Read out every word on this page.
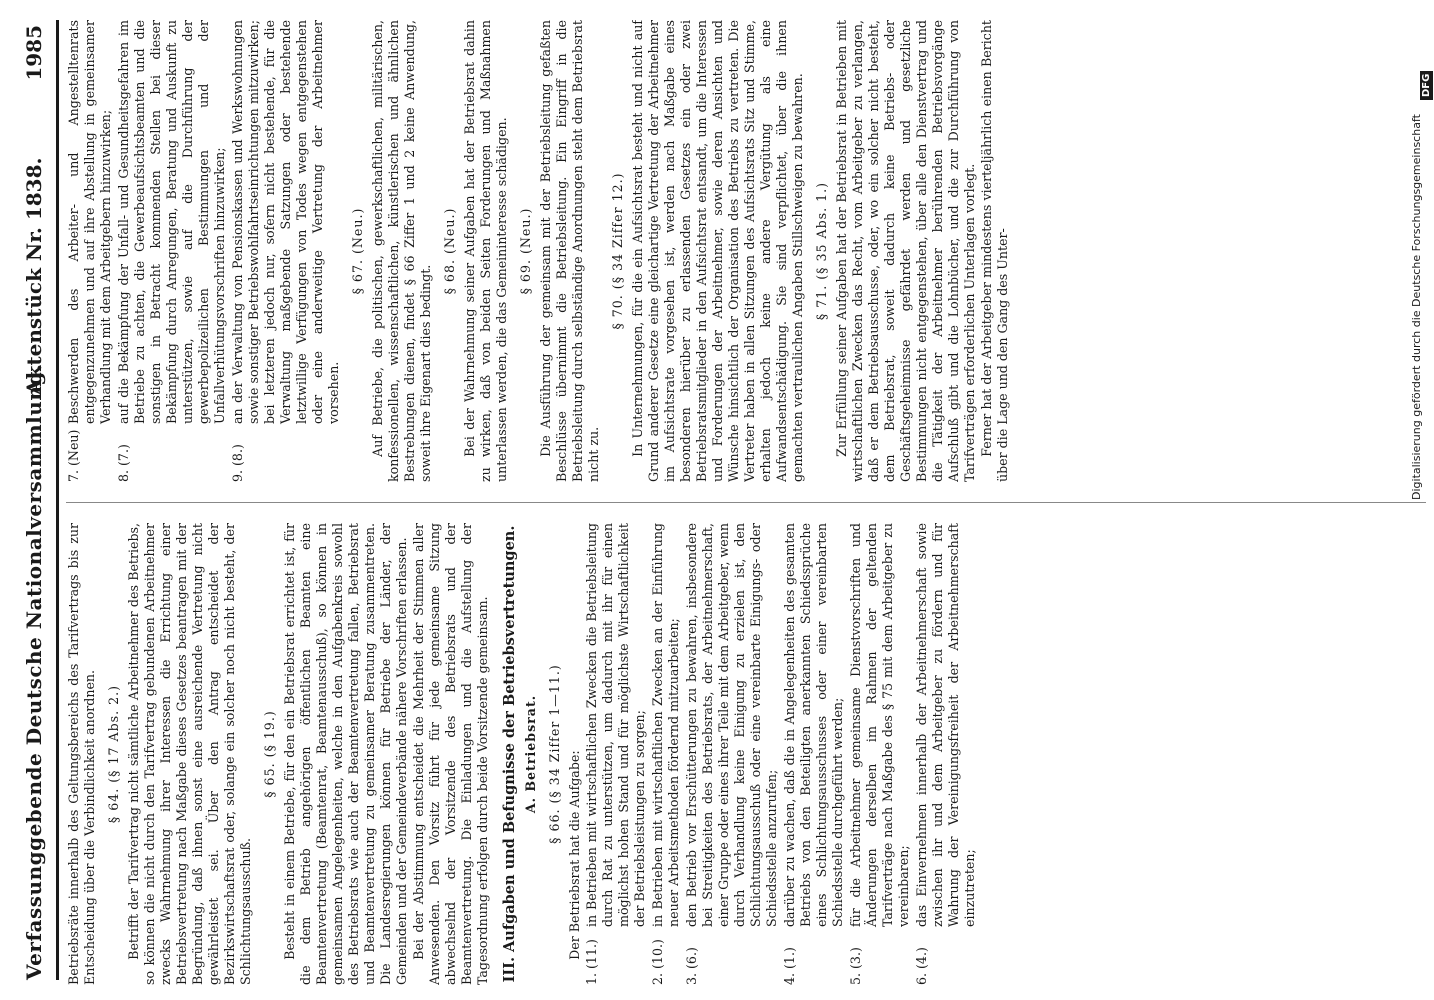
Verfassunggebende Deutsche Nationalversammlung.
Aktenstück Nr. 1838.
1985

Betriebsräte innerhalb des Geltungsbereichs des Tarifvertrags bis zur Entscheidung über die Verbindlichkeit anordnen. § 64. (§ 17 Abs. 2.) Betrifft der Tarifvertrag nicht sämtliche Arbeitnehmer des Betriebs, so können die nicht durch den Tarifvertrag gebundenen Arbeitnehmer zwecks Wahrnehmung ihrer Interessen die Errichtung einer Betriebsvertretung nach Maßgabe dieses Gesetzes beantragen mit der Begründung, daß ihnen sonst eine ausreichende Vertretung nicht gewährleistet sei. Über den Antrag entscheidet der Bezirkswirtschaftsrat oder, solange ein solcher noch nicht besteht, der Schlichtungsausschuß.

§ 65. (§ 19.) Besteht in einem Betriebe, für den ein Betriebsrat errichtet ist, für die dem Betrieb angehörigen öffentlichen Beamten eine Beamtenvertretung (Beamtenrat, Beamtenausschuß), so können in gemeinsamen Angelegenheiten, welche in den Aufgabenkreis sowohl des Betriebsrats wie auch der Beamtenvertretung fallen, Betriebsrat und Beamtenvertretung zu gemeinsamer Beratung zusammentreten. Die Landesregierungen können für Betriebe der Länder, der Gemeinden und der Gemeindeverbände nähere Vorschriften erlassen. Bei der Abstimmung entscheidet die Mehrheit der Stimmen aller Anwesenden. Den Vorsitz führt für jede gemeinsame Sitzung abwechselnd der Vorsitzende des Betriebsrats und der Beamtenvertretung. Die Einladungen und die Aufstellung der Tagesordnung erfolgen durch beide Vorsitzende gemeinsam. III. Aufgaben und Befugnisse der Betriebsvertretungen. A. Betriebsrat. § 66. (§ 34 Ziffer 1—11.) Der Betriebsrat hat die Aufgabe:

1. (11.)
in Betrieben mit wirtschaftlichen Zwecken die Betriebsleitung durch Rat zu unterstützen, um dadurch mit ihr für einen möglichst hohen Stand und für möglichste Wirtschaftlichkeit der Betriebsleistungen zu sorgen;
2. (10.)
in Betrieben mit wirtschaftlichen Zwecken an der Einführung neuer Arbeitsmethoden fördernd mitzuarbeiten;
3. (6.)
den Betrieb vor Erschütterungen zu bewahren, insbesondere bei Streitigkeiten des Betriebsrats, der Arbeitnehmerschaft, einer Gruppe oder eines ihrer Teile mit dem Arbeitgeber, wenn durch Verhandlung keine Einigung zu erzielen ist, den Schlichtungsausschuß oder eine vereinbarte Einigungs- oder Schiedsstelle anzurufen;
4. (1.)
darüber zu wachen, daß die in Angelegenheiten des gesamten Betriebs von den Beteiligten anerkannten Schiedssprüche eines Schlichtungsausschusses oder einer vereinbarten Schiedsstelle durchgeführt werden;
5. (3.)
für die Arbeitnehmer gemeinsame Dienstvorschriften und Änderungen derselben im Rahmen der geltenden Tarifverträge nach Maßgabe des § 75 mit dem Arbeitgeber zu vereinbaren;
6. (4.)
das Einvernehmen innerhalb der Arbeitnehmerschaft sowie zwischen ihr und dem Arbeitgeber zu fördern und für Wahrung der Vereinigungsfreiheit der Arbeitnehmerschaft einzutreten;
7. (Neu)
Beschwerden des Arbeiter- und Angestelltenrats entgegenzunehmen und auf ihre Abstellung in gemeinsamer Verhandlung mit dem Arbeitgebern hinzuwirken;
8. (7.)
auf die Bekämpfung der Unfall- und Gesundheitsgefahren im Betriebe zu achten, die Gewerbeaufsichtsbeamten und die sonstigen in Betracht kommenden Stellen bei dieser Bekämpfung durch Anregungen, Beratung und Auskunft zu unterstützen, sowie auf die Durchführung der gewerbepolizeilichen Bestimmungen und der Unfallverhütungsvorschriften hinzuwirken;
9. (8.)
an der Verwaltung von Pensionskassen und Werkswohnungen sowie sonstiger Betriebswohlfahrtseinrichtungen mitzuwirken; bei letzteren jedoch nur, sofern nicht bestehende, für die Verwaltung maßgebende Satzungen oder bestehende letztwillige Verfügungen von Todes wegen entgegenstehen oder eine anderweitige Vertretung der Arbeitnehmer vorsehen.
§ 67. (Neu.) Auf Betriebe, die politischen, gewerkschaftlichen, militärischen, konfessionellen, wissenschaftlichen, künstlerischen und ähnlichen Bestrebungen dienen, findet § 66 Ziffer 1 und 2 keine Anwendung, soweit ihre Eigenart dies bedingt.

§ 68. (Neu.) Bei der Wahrnehmung seiner Aufgaben hat der Betriebsrat dahin zu wirken, daß von beiden Seiten Forderungen und Maßnahmen unterlassen werden, die das Gemeininteresse schädigen. § 69. (Neu.) Die Ausführung der gemeinsam mit der Betriebsleitung gefaßten Beschlüsse übernimmt die Betriebsleitung. Ein Eingriff in die Betriebsleitung durch selbständige Anordnungen steht dem Betriebsrat nicht zu.

§ 70. (§ 34 Ziffer 12.) In Unternehmungen, für die ein Aufsichtsrat besteht und nicht auf Grund anderer Gesetze eine gleichartige Vertretung der Arbeitnehmer im Aufsichtsrate vorgesehen ist, werden nach Maßgabe eines besonderen hierüber zu erlassenden Gesetzes ein oder zwei Betriebsratsmitglieder in den Aufsichtsrat entsandt, um die Interessen und Forderungen der Arbeitnehmer, sowie deren Ansichten und Wünsche hinsichtlich der Organisation des Betriebs zu vertreten. Die Vertreter haben in allen Sitzungen des Aufsichtsrats Sitz und Stimme, erhalten jedoch keine andere Vergütung als eine Aufwandsentschädigung. Sie sind verpflichtet, über die ihnen gemachten vertraulichen Angaben Stillschweigen zu bewahren. § 71. (§ 35 Abs. 1.) Zur Erfüllung seiner Aufgaben hat der Betriebsrat in Betrieben mit wirtschaftlichen Zwecken das Recht, vom Arbeitgeber zu verlangen, daß er dem Betriebsausschusse, oder, wo ein solcher nicht besteht, dem Betriebsrat, soweit dadurch keine Betriebs- oder Geschäftsgeheimnisse gefährdet werden und gesetzliche Bestimmungen nicht entgegenstehen, über alle den Dienstvertrag und die Tätigkeit der Arbeitnehmer berührenden Betriebsvorgänge Aufschluß gibt und die Lohnbücher, und die zur Durchführung von Tarifverträgen erforderlichen Unterlagen vorlegt. Ferner hat der Arbeitgeber mindestens vierteljährlich einen Bericht über die Lage und den Gang des Unter-	Digitalisierung gefördert durch die Deutsche Forschungsgemeinschaft
DFG
